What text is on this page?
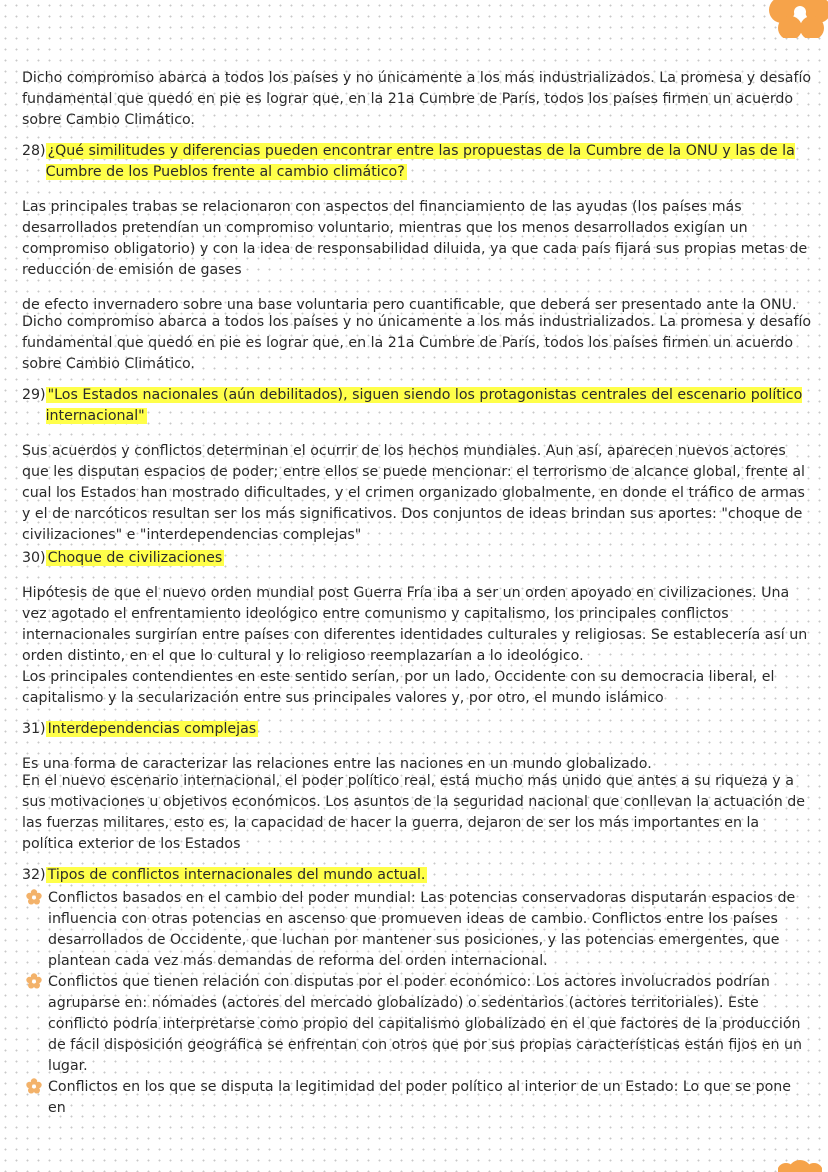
Dicho compromiso abarca a todos los países y no únicamente a los más industrializados. La promesa y desafío fundamental que quedó en pie es lograr que, en la 21a Cumbre de París, todos los países firmen un acuerdo sobre Cambio Climático.

28) ¿Qué similitudes y diferencias pueden encontrar entre las propuestas de la Cumbre de la ONU y las de la Cumbre de los Pueblos frente al cambio climático?

Las principales trabas se relacionaron con aspectos del financiamiento de las ayudas (los países más desarrollados pretendían un compromiso voluntario, mientras que los menos desarrollados exigían un compromiso obligatorio) y con la idea de responsabilidad diluida, ya que cada país fijará sus propias metas de reducción de emisión de gases

de efecto invernadero sobre una base voluntaria pero cuantificable, que deberá ser presentado ante la ONU.

Dicho compromiso abarca a todos los países y no únicamente a los más industrializados. La promesa y desafío fundamental que quedó en pie es lograr que, en la 21a Cumbre de París, todos los países firmen un acuerdo sobre Cambio Climático.

29) "Los Estados nacionales (aún debilitados), siguen siendo los protagonistas centrales del escenario político internacional"

Sus acuerdos y conflictos determinan el ocurrir de los hechos mundiales. Aun así, aparecen nuevos actores que les disputan espacios de poder; entre ellos se puede mencionar: el terrorismo de alcance global, frente al cual los Estados han mostrado dificultades, y el crimen organizado globalmente, en donde el tráfico de armas y el de narcóticos resultan ser los más significativos. Dos conjuntos de ideas brindan sus aportes: "choque de civilizaciones" e "interdependencias complejas"

30) Choque de civilizaciones

Hipótesis de que el nuevo orden mundial post Guerra Fría iba a ser un orden apoyado en civilizaciones. Una vez agotado el enfrentamiento ideológico entre comunismo y capitalismo, los principales conflictos internacionales surgirían entre países con diferentes identidades culturales y religiosas. Se establecería así un orden distinto, en el que lo cultural y lo religioso reemplazarían a lo ideológico.

Los principales contendientes en este sentido serían, por un lado, Occidente con su democracia liberal, el capitalismo y la secularización entre sus principales valores y, por otro, el mundo islámico

31) Interdependencias complejas

Es una forma de caracterizar las relaciones entre las naciones en un mundo globalizado.

En el nuevo escenario internacional, el poder político real, está mucho más unido que antes a su riqueza y a sus motivaciones u objetivos económicos. Los asuntos de la seguridad nacional que conllevan la actuación de las fuerzas militares, esto es, la capacidad de hacer la guerra, dejaron de ser los más importantes en la política exterior de los Estados

32) Tipos de conflictos internacionales del mundo actual.
Conflictos basados en el cambio del poder mundial: Las potencias conservadoras disputarán espacios de influencia con otras potencias en ascenso que promueven ideas de cambio. Conflictos entre los países desarrollados de Occidente, que luchan por mantener sus posiciones, y las potencias emergentes, que plantean cada vez más demandas de reforma del orden internacional.
Conflictos que tienen relación con disputas por el poder económico: Los actores involucrados podrían agruparse en: nómades (actores del mercado globalizado) o sedentarios (actores territoriales). Este conflicto podría interpretarse como propio del capitalismo globalizado en el que factores de la producción de fácil disposición geográfica se enfrentan con otros que por sus propias características están fijos en un lugar.
Conflictos en los que se disputa la legitimidad del poder político al interior de un Estado: Lo que se pone en
